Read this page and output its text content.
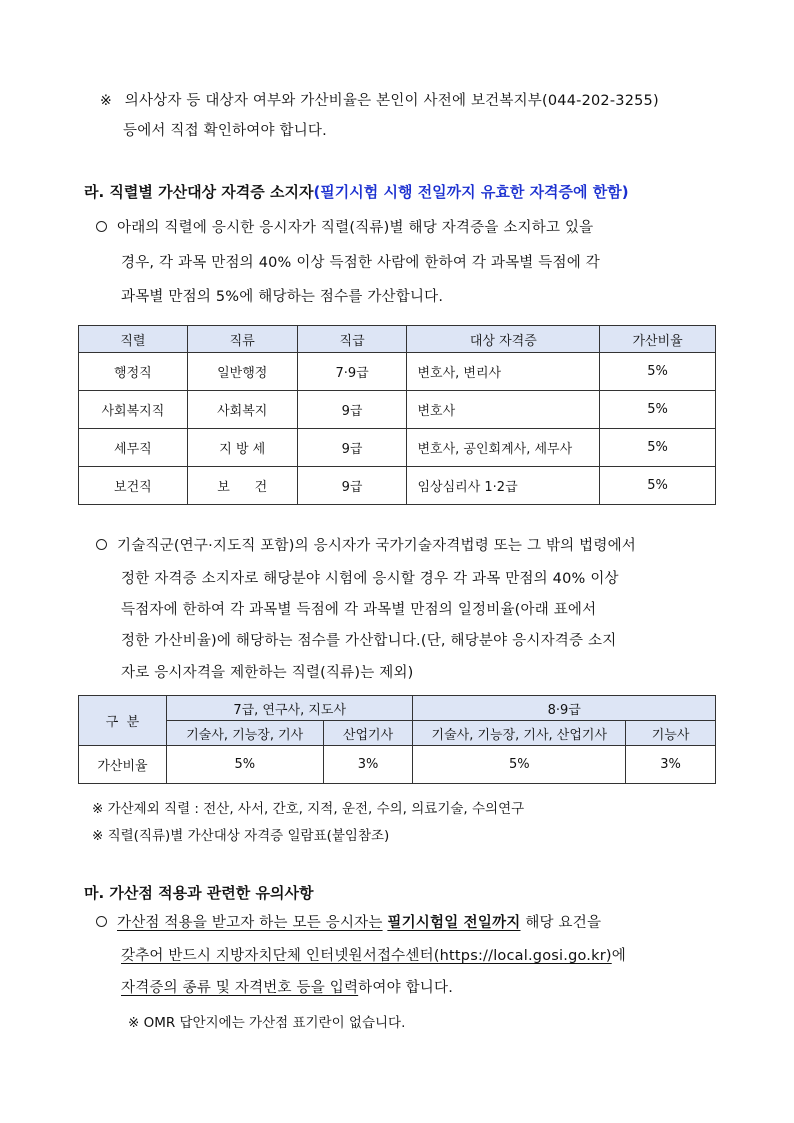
※ 의사상자 등 대상자 여부와 가산비율은 본인이 사전에 보건복지부(044-202-3255)
등에서 직접 확인하여야 합니다.
라. 직렬별 가산대상 자격증 소지자(필기시험 시행 전일까지 유효한 자격증에 한함)
아래의 직렬에 응시한 응시자가 직렬(직류)별 해당 자격증을 소지하고 있을
경우, 각 과목 만점의 40% 이상 득점한 사람에 한하여 각 과목별 득점에 각
과목별 만점의 5%에 해당하는 점수를 가산합니다.
직렬	직류	직급	대상 자격증	가산비율
행정직	일반행정	7·9급	변호사, 변리사	5%
사회복지직	사회복지	9급	변호사	5%
세무직	지 방 세	9급	변호사, 공인회계사, 세무사	5%
보건직	보      건	9급	임상심리사 1·2급	5%
기술직군(연구·지도직 포함)의 응시자가 국가기술자격법령 또는 그 밖의 법령에서
정한 자격증 소지자로 해당분야 시험에 응시할 경우 각 과목 만점의 40% 이상
득점자에 한하여 각 과목별 득점에 각 과목별 만점의 일정비율(아래 표에서
정한 가산비율)에 해당하는 점수를 가산합니다.(단, 해당분야 응시자격증 소지
자로 응시자격을 제한하는 직렬(직류)는 제외)
구  분	7급, 연구사, 지도사		8·9급	
	기술사, 기능장, 기사	산업기사	기술사, 기능장, 기사, 산업기사	기능사
가산비율	5%	3%	5%	3%
※ 가산제외 직렬 : 전산, 사서, 간호, 지적, 운전, 수의, 의료기술, 수의연구
※ 직렬(직류)별 가산대상 자격증 일람표(붙임참조)
마. 가산점 적용과 관련한 유의사항
가산점 적용을 받고자 하는 모든 응시자는 필기시험일 전일까지 해당 요건을
갖추어 반드시 지방자치단체 인터넷원서접수센터(https://local.gosi.go.kr)에
자격증의 종류 및 자격번호 등을 입력하여야 합니다.
※ OMR 답안지에는 가산점 표기란이 없습니다.
